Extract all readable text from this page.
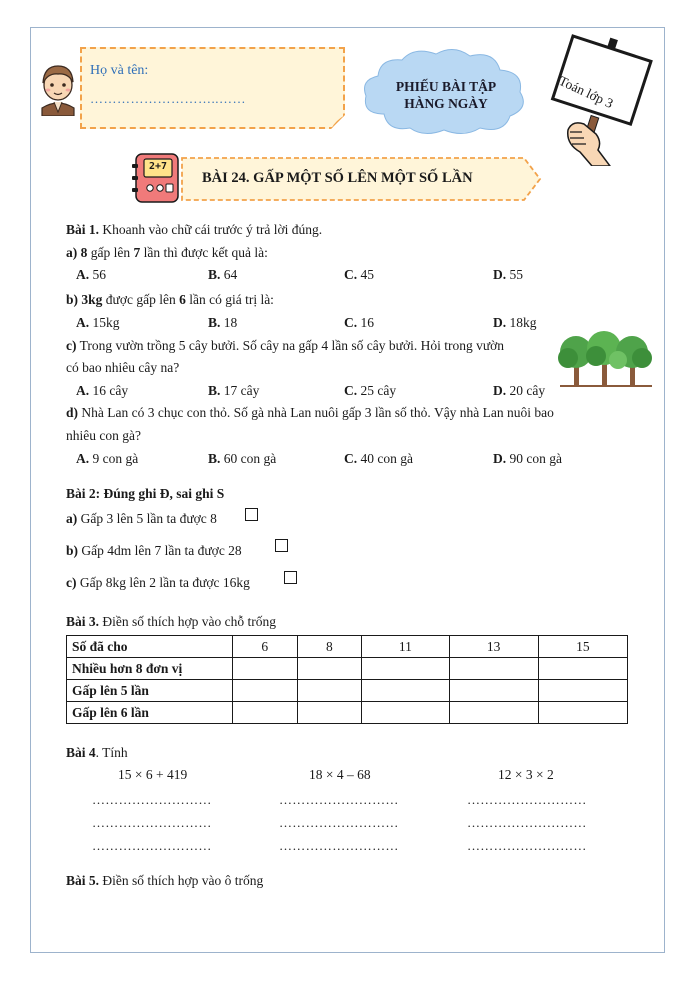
Họ và tên:
………………………..……
PHIẾU BÀI TẬP
HÀNG NGÀY	Toán lớp 3
2+7
BÀI 24. GẤP MỘT SỐ LÊN MỘT SỐ LẦN
Bài 1. Khoanh vào chữ cái trước ý trả lời đúng.
a) 8 gấp lên 7 lần thì được kết quả là:
A. 56	B. 64	C. 45	D. 55
b) 3kg được gấp lên 6 lần có giá trị là:
A. 15kg	B. 18	C. 16	D. 18kg
c) Trong vườn trồng 5 cây bưởi. Số cây na gấp 4 lần số cây bưởi. Hỏi trong vườn
có bao nhiêu cây na?
A. 16 cây	B. 17 cây	C. 25 cây	D. 20 cây
d) Nhà Lan có 3 chục con thỏ. Số gà nhà Lan nuôi gấp 3 lần số thỏ. Vậy nhà Lan nuôi bao
nhiêu con gà?
A. 9 con gà	B. 60 con gà	C. 40 con gà	D. 90 con gà
Bài 2: Đúng ghi Đ, sai ghi S
a) Gấp 3 lên 5 lần ta được 8
b) Gấp 4dm lên 7 lần ta được 28
c) Gấp 8kg lên 2 lần ta được 16kg
Bài 3. Điền số thích hợp vào chỗ trống
Số đã cho	6	8	11	13	15
Nhiều hơn 8 đơn vị					
Gấp lên 5 lần					
Gấp lên 6 lần					
Bài 4. Tính
15 × 6 + 419	18 × 4 – 68	12 × 3 × 2
………………………	………………………	………………………
………………………	………………………	………………………
………………………	………………………	………………………
Bài 5. Điền số thích hợp vào ô trống
